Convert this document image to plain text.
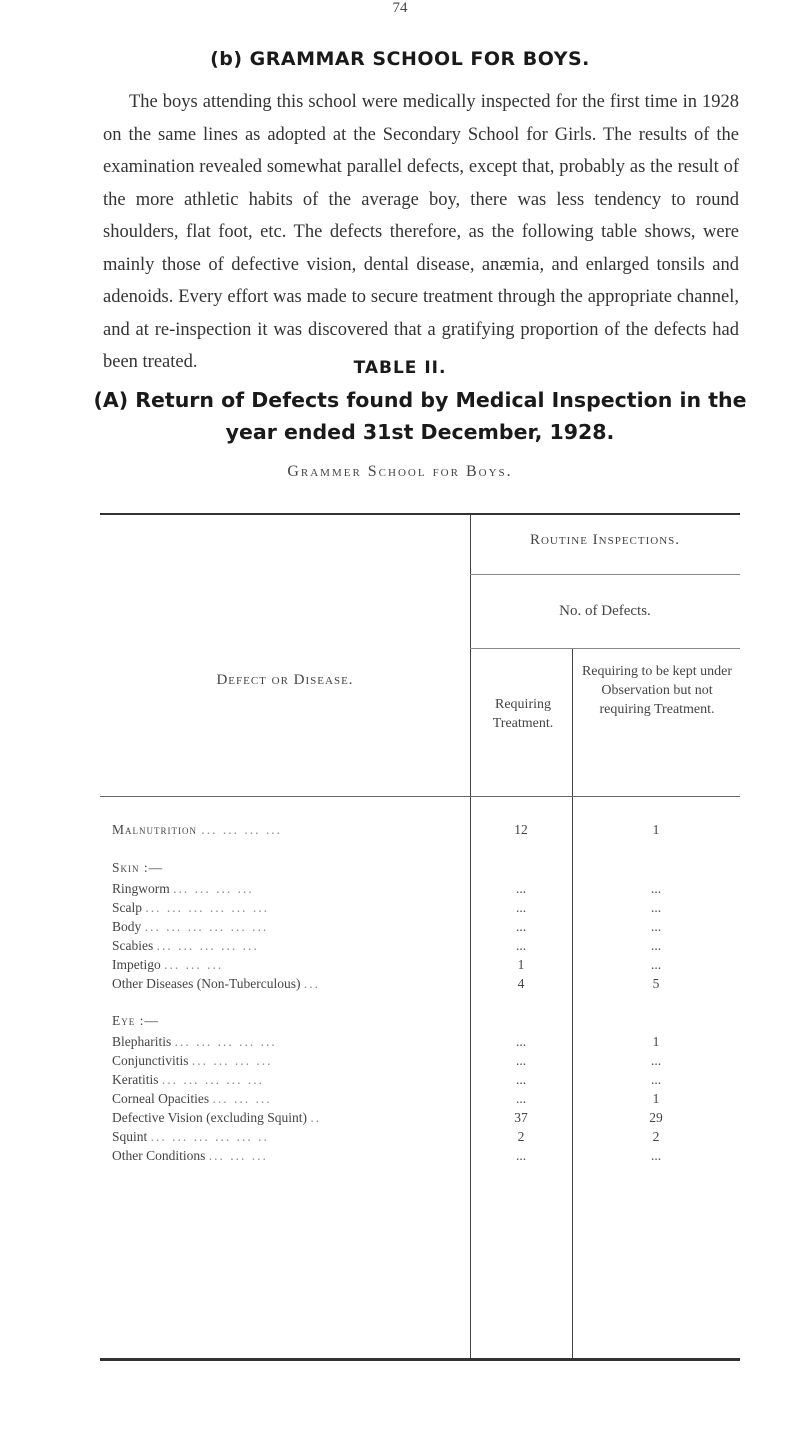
74
(b) GRAMMAR SCHOOL FOR BOYS.

The boys attending this school were medically inspected for the first time in 1928 on the same lines as adopted at the Secondary School for Girls. The results of the examination revealed somewhat parallel defects, except that, probably as the result of the more athletic habits of the average boy, there was less tendency to round shoulders, flat foot, etc. The defects therefore, as the following table shows, were mainly those of defective vision, dental disease, anæmia, and enlarged tonsils and adenoids. Every effort was made to secure treatment through the appropriate channel, and at re-inspection it was discovered that a gratifying proportion of the defects had been treated.	TABLE II.

(A) Return of Defects found by Medical Inspection in the year ended 31st December, 1928.

Grammer School for Boys.
Defect or Disease.
Routine Inspections.
No. of Defects.
Requiring Treatment.
Requiring to be kept under Observation but not requiring Treatment.
Malnutrition ... ... ... ...	12	1
Skin :—
Ringworm ... ... ... ...	...	...
Scalp ... ... ... ... ... ...	...	...
Body ... ... ... ... ... ...	...	...
Scabies ... ... ... ... ...	...	...
Impetigo ... ... ...	1	...
Other Diseases (Non-Tuberculous) ...	4	5
Eye :—
Blepharitis ... ... ... ... ...	...	1
Conjunctivitis ... ... ... ...	...	...
Keratitis ... ... ... ... ...	...	...
Corneal Opacities ... ... ...	...	1
Defective Vision (excluding Squint) ..	37	29
Squint ... ... ... ... ... ..	2	2
Other Conditions ... ... ...	...	...
